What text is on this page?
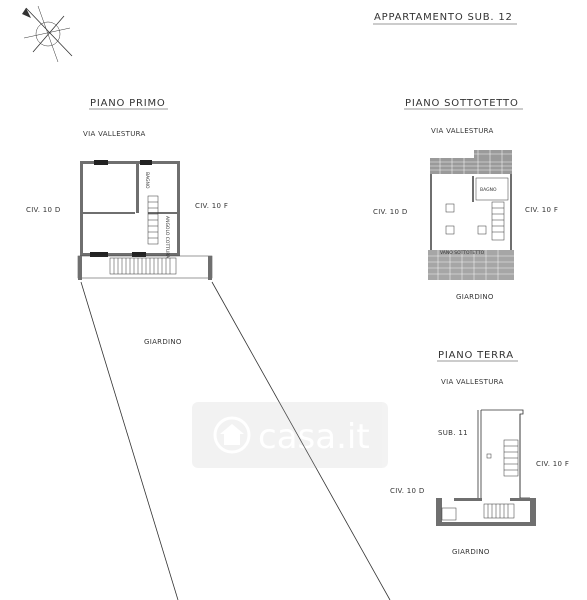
APPARTAMENTO SUB. 12
PIANO PRIMO
VIA VALLESTURA
CIV. 10 D	CIV. 10 F
BAGNO
ANGOLO COTTURA
GIARDINO
PIANO SOTTOTETTO
VIA VALLESTURA
CIV. 10 D	CIV. 10 F
BAGNO
VANO SOTTOTETTO
GIARDINO
PIANO TERRA
VIA VALLESTURA
SUB. 11
CIV. 10 D
CIV. 10 F
GIARDINO
casa.it
